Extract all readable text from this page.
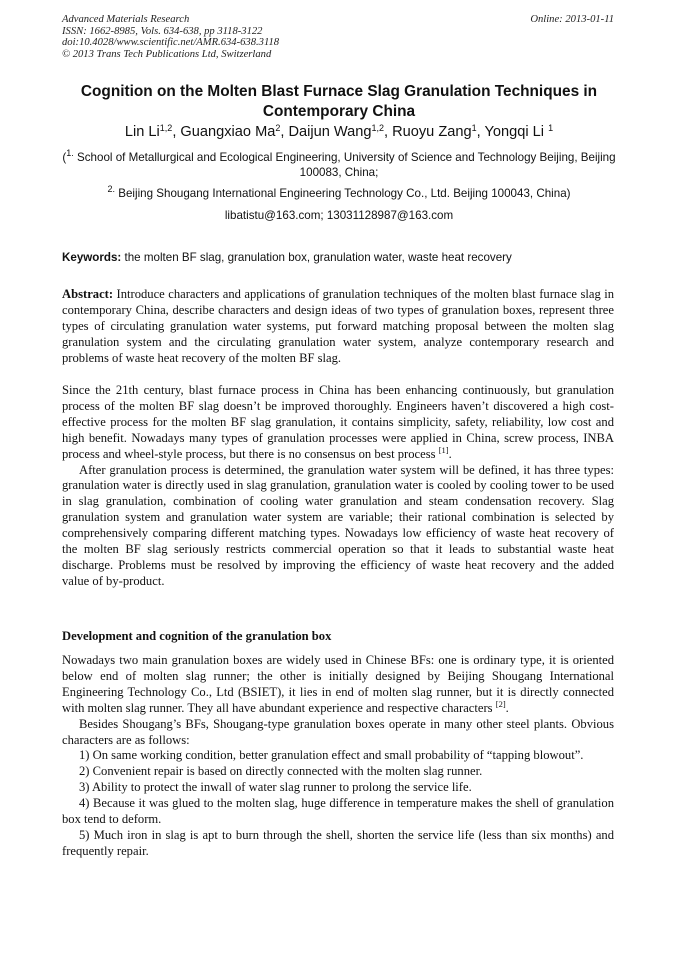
Advanced Materials Research
ISSN: 1662-8985, Vols. 634-638, pp 3118-3122
doi:10.4028/www.scientific.net/AMR.634-638.3118
© 2013 Trans Tech Publications Ltd, Switzerland
Online: 2013-01-11
Cognition on the Molten Blast Furnace Slag Granulation Techniques in Contemporary China
Lin Li$^{1,2}$, Guangxiao Ma$^2$, Daijun Wang$^{1,2}$, Ruoyu Zang$^1$, Yongqi Li $^1$
($^{1.}$ School of Metallurgical and Ecological Engineering, University of Science and Technology Beijing, Beijing 100083, China;
$^{2.}$ Beijing Shougang International Engineering Technology Co., Ltd. Beijing 100043, China)
libatistu@163.com; 13031128987@163.com
Keywords: the molten BF slag, granulation box, granulation water, waste heat recovery

Abstract: Introduce characters and applications of granulation techniques of the molten blast furnace slag in contemporary China, describe characters and design ideas of two types of granulation boxes, represent three types of circulating granulation water systems, put forward matching proposal between the molten slag granulation system and the circulating granulation water system, analyze contemporary research and problems of waste heat recovery of the molten BF slag.

Since the 21th century, blast furnace process in China has been enhancing continuously, but granulation process of the molten BF slag doesn’t be improved thoroughly. Engineers haven’t discovered a high cost-effective process for the molten BF slag granulation, it contains simplicity, safety, reliability, low cost and high benefit. Nowadays many types of granulation processes were applied in China, screw process, INBA process and wheel-style process, but there is no consensus on best process [1].

After granulation process is determined, the granulation water system will be defined, it has three types: granulation water is directly used in slag granulation, granulation water is cooled by cooling tower to be used in slag granulation, combination of cooling water granulation and steam condensation recovery. Slag granulation system and granulation water system are variable; their rational combination is selected by comprehensively comparing different matching types. Nowadays low efficiency of waste heat recovery of the molten BF slag seriously restricts commercial operation so that it leads to substantial waste heat discharge. Problems must be resolved by improving the efficiency of waste heat recovery and the added value of by-product.

Development and cognition of the granulation box

Nowadays two main granulation boxes are widely used in Chinese BFs: one is ordinary type, it is oriented below end of molten slag runner; the other is initially designed by Beijing Shougang International Engineering Technology Co., Ltd (BSIET), it lies in end of molten slag runner, but it is directly connected with molten slag runner. They all have abundant experience and respective characters [2].

Besides Shougang’s BFs, Shougang-type granulation boxes operate in many other steel plants. Obvious characters are as follows:

1) On same working condition, better granulation effect and small probability of “tapping blowout”.

2) Convenient repair is based on directly connected with the molten slag runner.

3) Ability to protect the inwall of water slag runner to prolong the service life.

4) Because it was glued to the molten slag, huge difference in temperature makes the shell of granulation box tend to deform.

5) Much iron in slag is apt to burn through the shell, shorten the service life (less than six months) and frequently repair.
